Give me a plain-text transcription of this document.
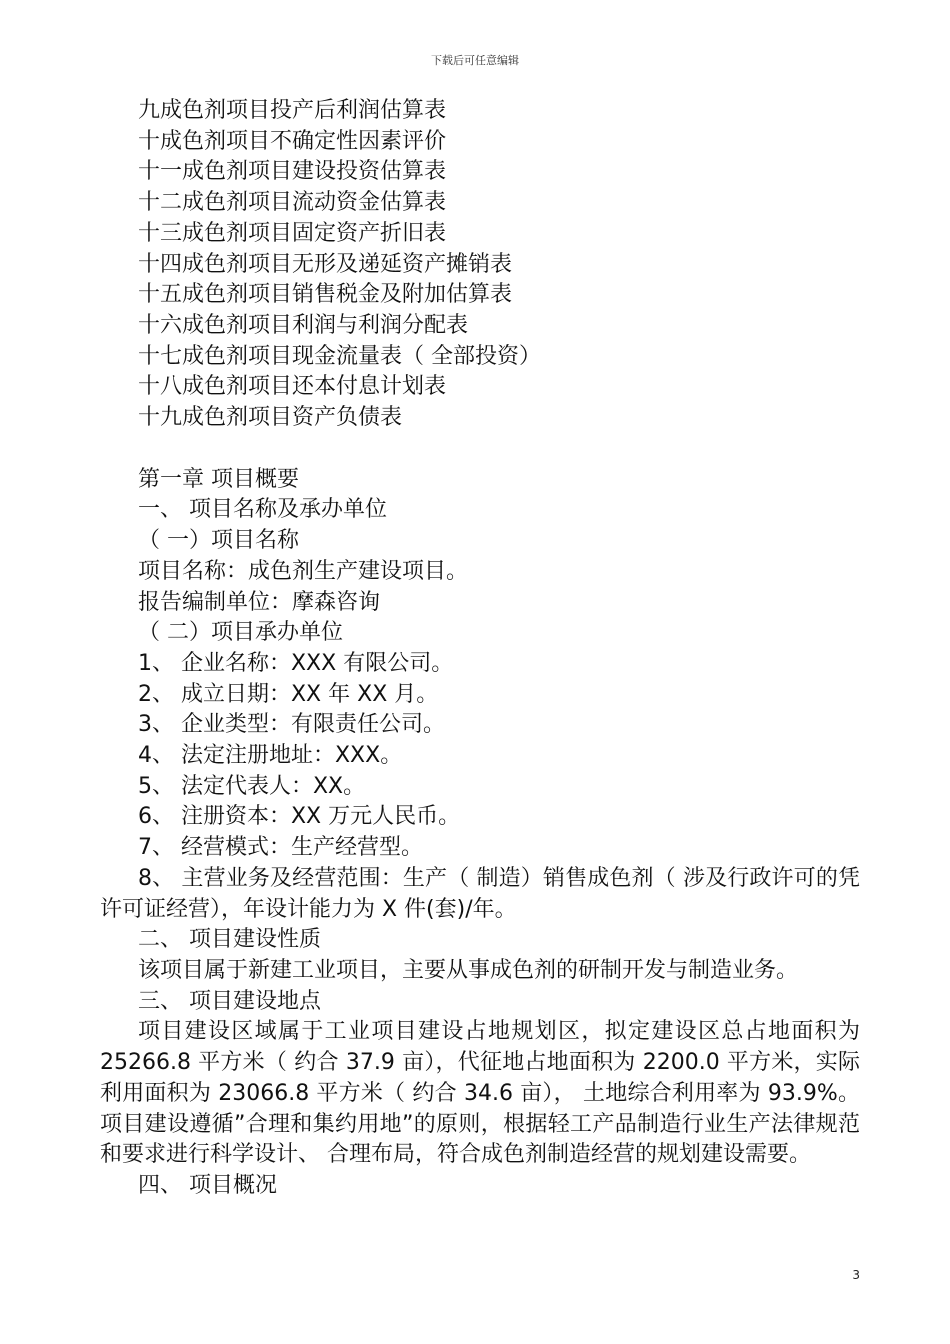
下载后可任意编辑
九成色剂项目投产后利润估算表
十成色剂项目不确定性因素评价
十一成色剂项目建设投资估算表
十二成色剂项目流动资金估算表
十三成色剂项目固定资产折旧表
十四成色剂项目无形及递延资产摊销表
十五成色剂项目销售税金及附加估算表
十六成色剂项目利润与利润分配表
十七成色剂项目现金流量表（ 全部投资）
十八成色剂项目还本付息计划表
十九成色剂项目资产负债表
第一章 项目概要
一、 项目名称及承办单位
（ 一）项目名称
项目名称：成色剂生产建设项目。
报告编制单位：摩森咨询
（ 二）项目承办单位
1、 企业名称：XXX 有限公司。
2、 成立日期：XX 年 XX 月。
3、 企业类型：有限责任公司。
4、 法定注册地址：XXX。
5、 法定代表人：XX。
6、 注册资本：XX 万元人民币。
7、 经营模式：生产经营型。
8、 主营业务及经营范围：生产（ 制造）销售成色剂（ 涉及行政许可的凭许可证经营），年设计能力为 X 件(套)/年。
二、 项目建设性质
该项目属于新建工业项目，主要从事成色剂的研制开发与制造业务。
三、 项目建设地点
项目建设区域属于工业项目建设占地规划区，拟定建设区总占地面积为 25266.8 平方米（ 约合 37.9 亩），代征地占地面积为 2200.0 平方米，实际利用面积为 23066.8 平方米（ 约合 34.6 亩）， 土地综合利用率为 93.9%。项目建设遵循”合理和集约用地”的原则，根据轻工产品制造行业生产法律规范和要求进行科学设计、 合理布局，符合成色剂制造经营的规划建设需要。
四、 项目概况
3
